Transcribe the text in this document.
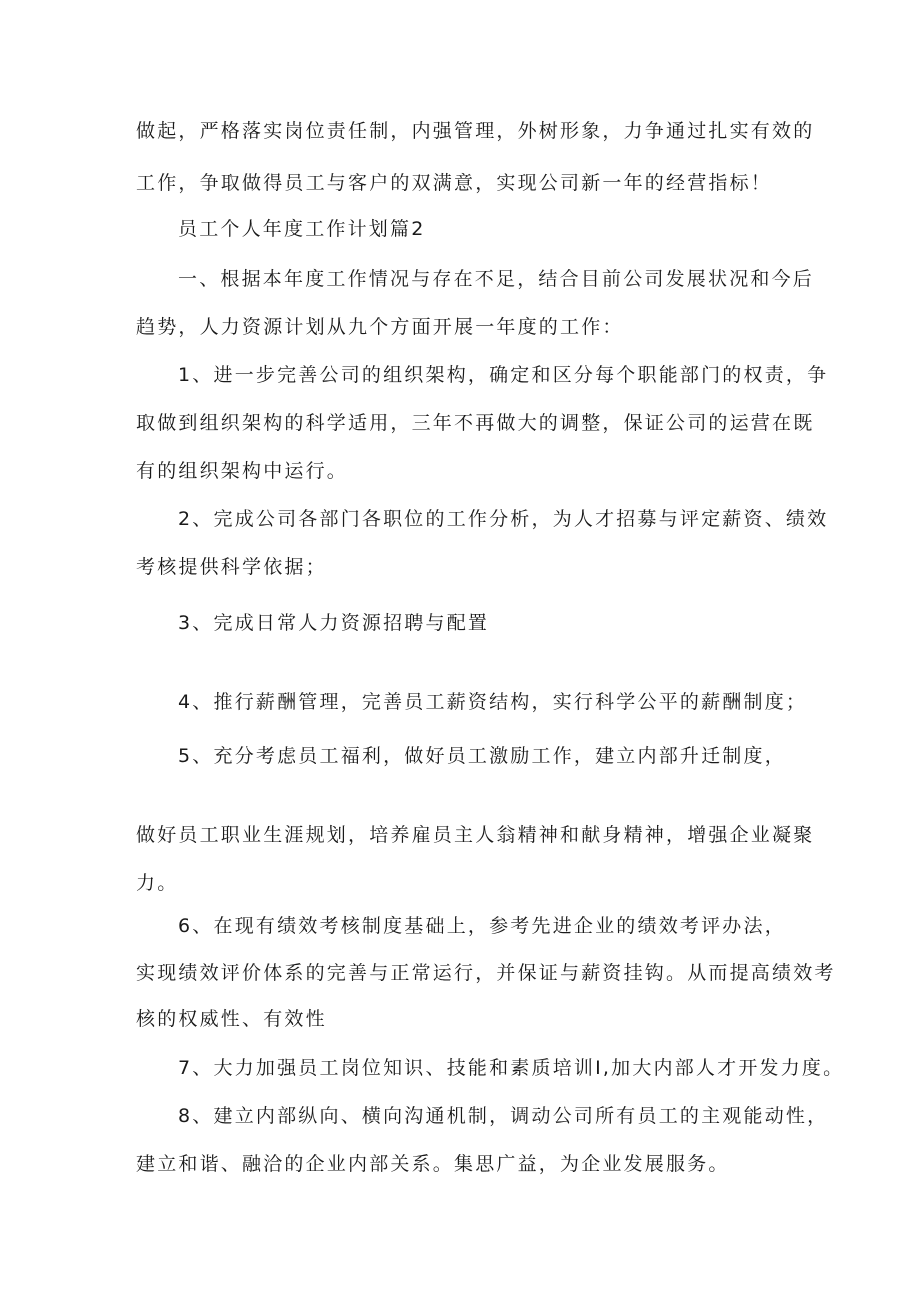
做起，严格落实岗位责任制，内强管理，外树形象，力争通过扎实有效的
工作，争取做得员工与客户的双满意，实现公司新一年的经营指标！
员工个人年度工作计划篇2
一、根据本年度工作情况与存在不足，结合目前公司发展状况和今后
趋势，人力资源计划从九个方面开展一年度的工作：
1、进一步完善公司的组织架构，确定和区分每个职能部门的权责，争
取做到组织架构的科学适用，三年不再做大的调整，保证公司的运营在既
有的组织架构中运行。
2、完成公司各部门各职位的工作分析，为人才招募与评定薪资、绩效
考核提供科学依据；
3、完成日常人力资源招聘与配置
4、推行薪酬管理，完善员工薪资结构，实行科学公平的薪酬制度；
5、充分考虑员工福利，做好员工激励工作，建立内部升迁制度，
做好员工职业生涯规划，培养雇员主人翁精神和献身精神，增强企业凝聚
力。
6、在现有绩效考核制度基础上，参考先进企业的绩效考评办法，
实现绩效评价体系的完善与正常运行，并保证与薪资挂钩。从而提高绩效考
核的权威性、有效性
7、大力加强员工岗位知识、技能和素质培训I,加大内部人才开发力度。
8、建立内部纵向、横向沟通机制，调动公司所有员工的主观能动性，
建立和谐、融洽的企业内部关系。集思广益，为企业发展服务。
